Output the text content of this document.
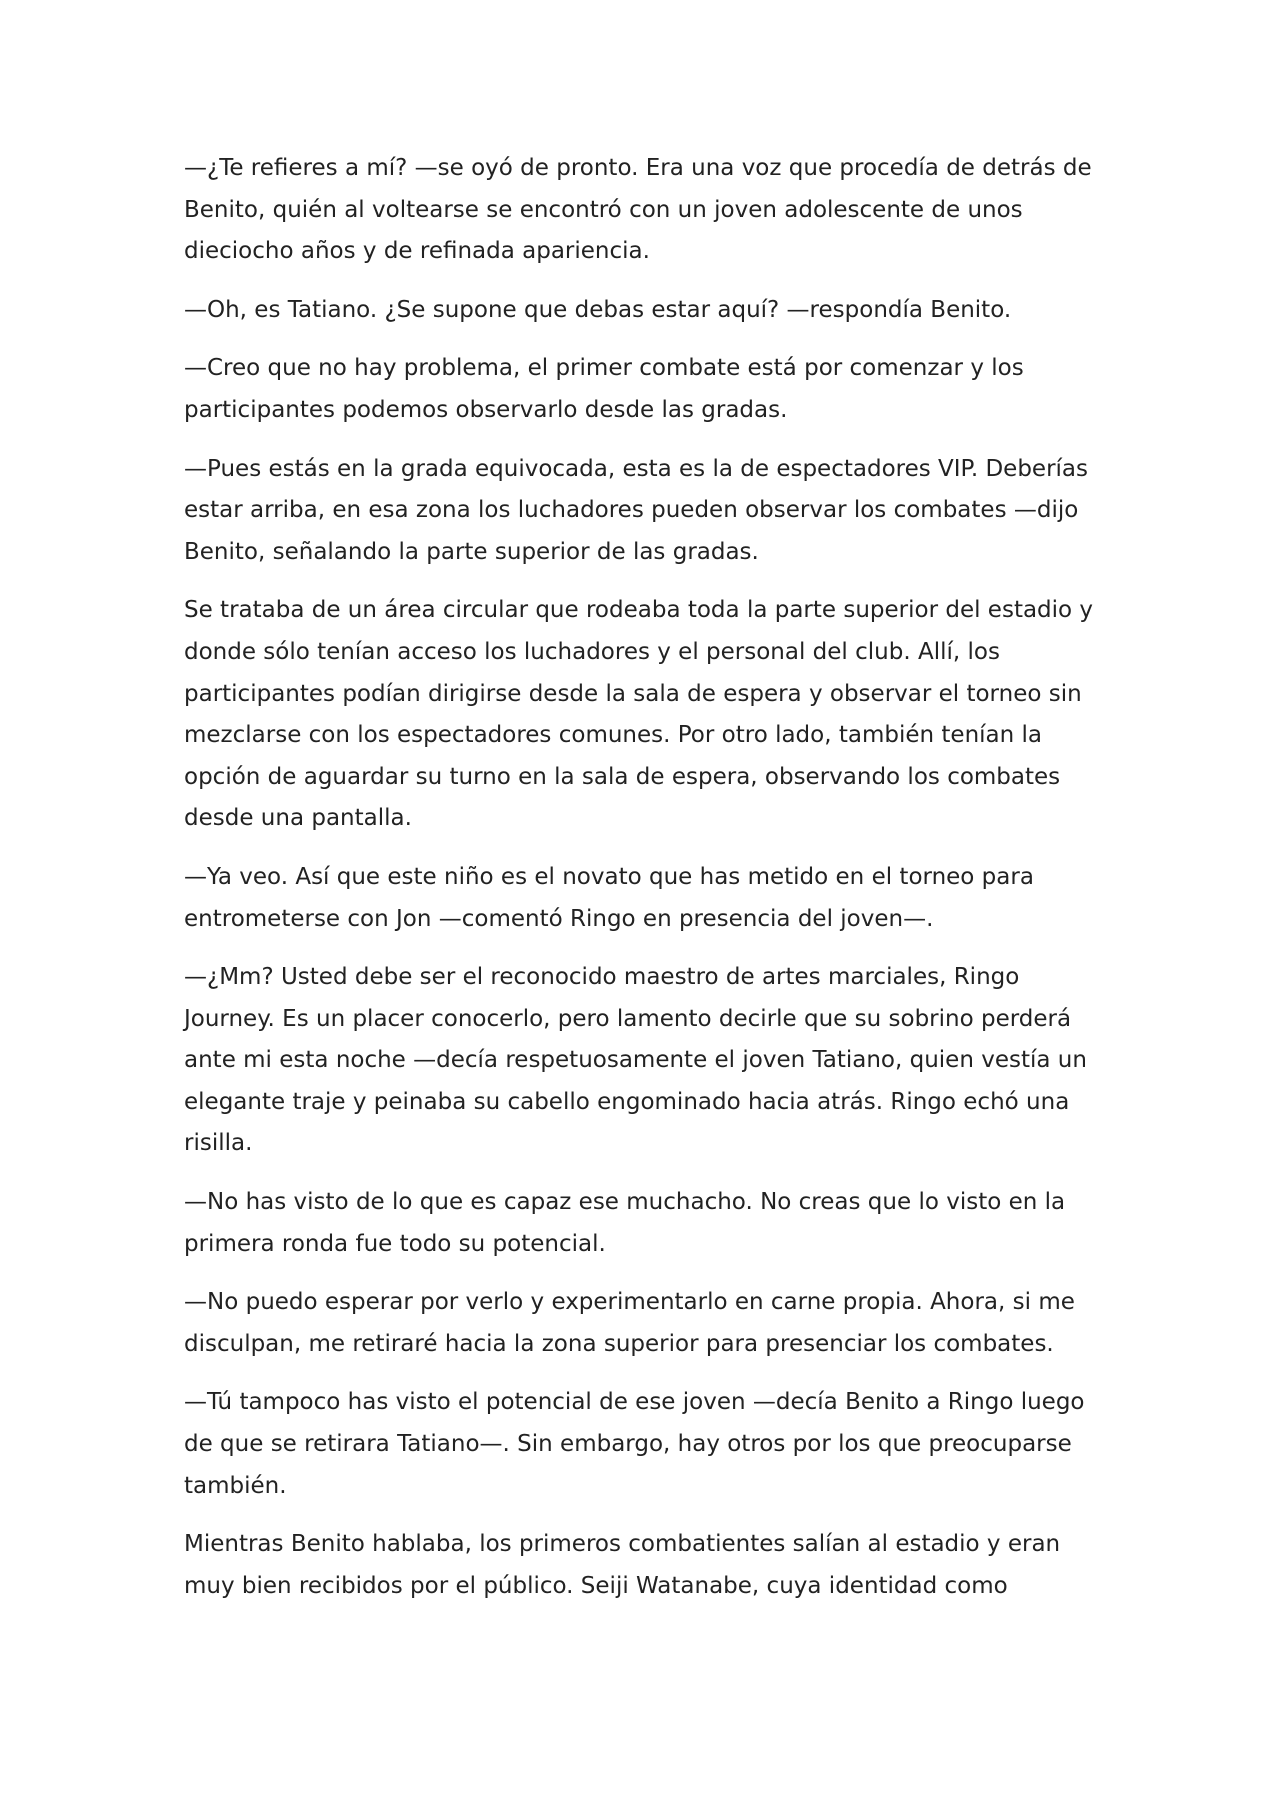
—¿Te refieres a mí? —se oyó de pronto. Era una voz que procedía de detrás de Benito, quién al voltearse se encontró con un joven adolescente de unos dieciocho años y de refinada apariencia.

—Oh, es Tatiano. ¿Se supone que debas estar aquí? —respondía Benito.

—Creo que no hay problema, el primer combate está por comenzar y los participantes podemos observarlo desde las gradas.

—Pues estás en la grada equivocada, esta es la de espectadores VIP. Deberías estar arriba, en esa zona los luchadores pueden observar los combates —dijo Benito, señalando la parte superior de las gradas.

Se trataba de un área circular que rodeaba toda la parte superior del estadio y donde sólo tenían acceso los luchadores y el personal del club. Allí, los participantes podían dirigirse desde la sala de espera y observar el torneo sin mezclarse con los espectadores comunes. Por otro lado, también tenían la opción de aguardar su turno en la sala de espera, observando los combates desde una pantalla.

—Ya veo. Así que este niño es el novato que has metido en el torneo para entrometerse con Jon —comentó Ringo en presencia del joven—.

—¿Mm? Usted debe ser el reconocido maestro de artes marciales, Ringo Journey. Es un placer conocerlo, pero lamento decirle que su sobrino perderá ante mi esta noche —decía respetuosamente el joven Tatiano, quien vestía un elegante traje y peinaba su cabello engominado hacia atrás. Ringo echó una risilla.

—No has visto de lo que es capaz ese muchacho. No creas que lo visto en la primera ronda fue todo su potencial.

—No puedo esperar por verlo y experimentarlo en carne propia. Ahora, si me disculpan, me retiraré hacia la zona superior para presenciar los combates.

—Tú tampoco has visto el potencial de ese joven —decía Benito a Ringo luego de que se retirara Tatiano—. Sin embargo, hay otros por los que preocuparse también.

Mientras Benito hablaba, los primeros combatientes salían al estadio y eran muy bien recibidos por el público. Seiji Watanabe, cuya identidad como
